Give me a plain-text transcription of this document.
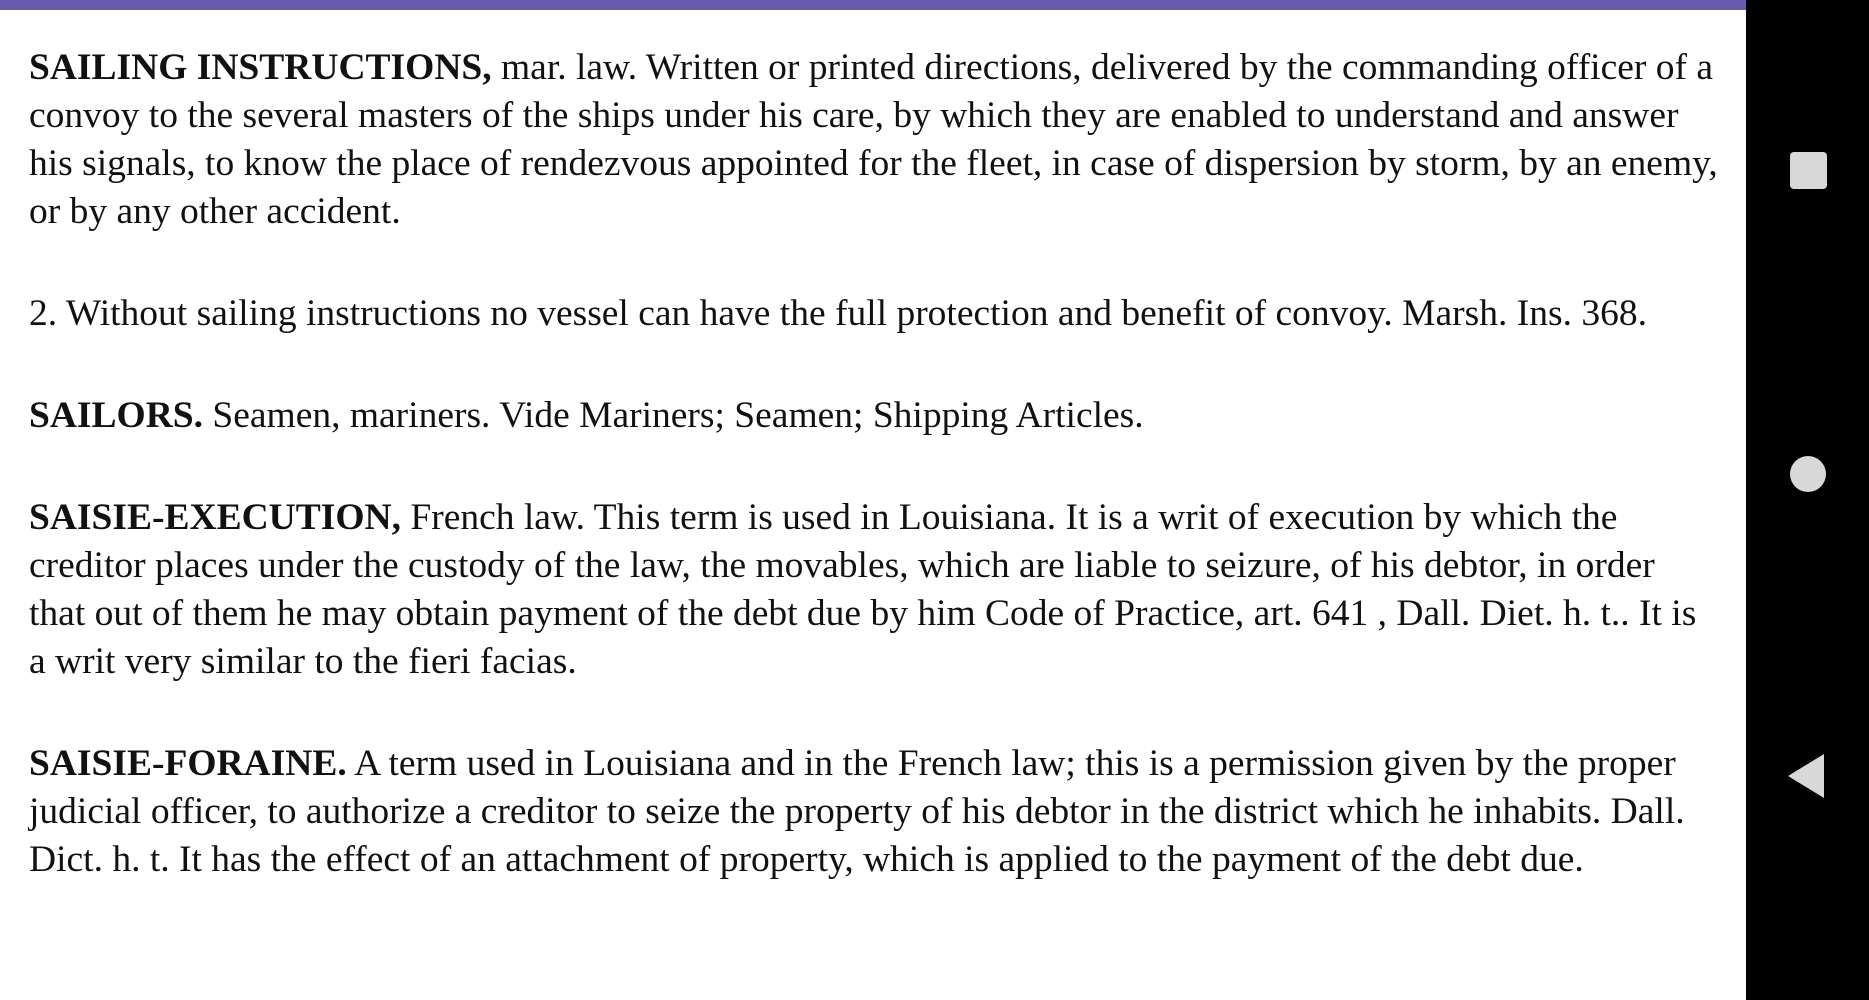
SAILING INSTRUCTIONS, mar. law. Written or printed directions, delivered by the commanding officer of a convoy to the several masters of the ships under his care, by which they are enabled to understand and answer his signals, to know the place of rendezvous appointed for the fleet, in case of dispersion by storm, by an enemy, or by any other accident.

2. Without sailing instructions no vessel can have the full protection and benefit of convoy. Marsh. Ins. 368.

SAILORS. Seamen, mariners. Vide Mariners; Seamen; Shipping Articles.

SAISIE-EXECUTION, French law. This term is used in Louisiana. It is a writ of execution by which the creditor places under the custody of the law, the movables, which are liable to seizure, of his debtor, in order that out of them he may obtain payment of the debt due by him Code of Practice, art. 641 , Dall. Diet. h. t.. It is a writ very similar to the fieri facias.

SAISIE-FORAINE. A term used in Louisiana and in the French law; this is a permission given by the proper judicial officer, to authorize a creditor to seize the property of his debtor in the district which he inhabits. Dall. Dict. h. t. It has the effect of an attachment of property, which is applied to the payment of the debt due.
